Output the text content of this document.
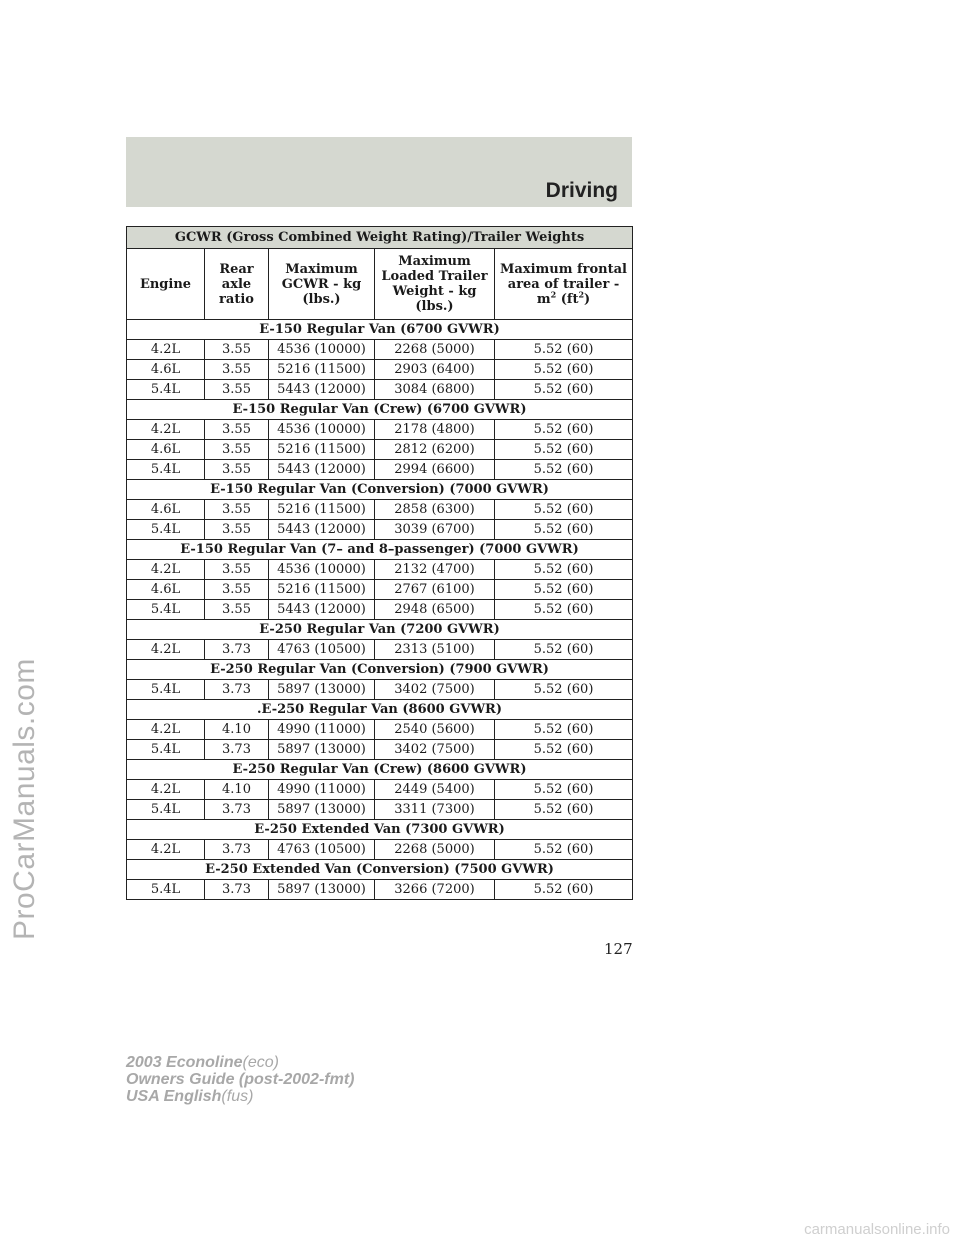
ProCarManuals.com
Driving
GCWR (Gross Combined Weight Rating)/Trailer Weights				
Engine	Rear axle ratio	Maximum GCWR - kg (lbs.)	Maximum Loaded Trailer Weight - kg (lbs.)	Maximum frontal area of trailer - $m^2$ $(ft^2)$
E-150 Regular Van (6700 GVWR)				
4.2L	3.55	4536 (10000)	2268 (5000)	5.52 (60)
4.6L	3.55	5216 (11500)	2903 (6400)	5.52 (60)
5.4L	3.55	5443 (12000)	3084 (6800)	5.52 (60)
E-150 Regular Van (Crew) (6700 GVWR)				
4.2L	3.55	4536 (10000)	2178 (4800)	5.52 (60)
4.6L	3.55	5216 (11500)	2812 (6200)	5.52 (60)
5.4L	3.55	5443 (12000)	2994 (6600)	5.52 (60)
E-150 Regular Van (Conversion) (7000 GVWR)				
4.6L	3.55	5216 (11500)	2858 (6300)	5.52 (60)
5.4L	3.55	5443 (12000)	3039 (6700)	5.52 (60)
E-150 Regular Van (7– and 8–passenger) (7000 GVWR)				
4.2L	3.55	4536 (10000)	2132 (4700)	5.52 (60)
4.6L	3.55	5216 (11500)	2767 (6100)	5.52 (60)
5.4L	3.55	5443 (12000)	2948 (6500)	5.52 (60)
E-250 Regular Van (7200 GVWR)				
4.2L	3.73	4763 (10500)	2313 (5100)	5.52 (60)
E-250 Regular Van (Conversion) (7900 GVWR)				
5.4L	3.73	5897 (13000)	3402 (7500)	5.52 (60)
.E-250 Regular Van (8600 GVWR)				
4.2L	4.10	4990 (11000)	2540 (5600)	5.52 (60)
5.4L	3.73	5897 (13000)	3402 (7500)	5.52 (60)
E-250 Regular Van (Crew) (8600 GVWR)				
4.2L	4.10	4990 (11000)	2449 (5400)	5.52 (60)
5.4L	3.73	5897 (13000)	3311 (7300)	5.52 (60)
E-250 Extended Van (7300 GVWR)				
4.2L	3.73	4763 (10500)	2268 (5000)	5.52 (60)
E-250 Extended Van (Conversion) (7500 GVWR)				
5.4L	3.73	5897 (13000)	3266 (7200)	5.52 (60)
127
2003 Econoline(eco)
Owners Guide (post-2002-fmt)
USA English(fus)
carmanualsonline.info
